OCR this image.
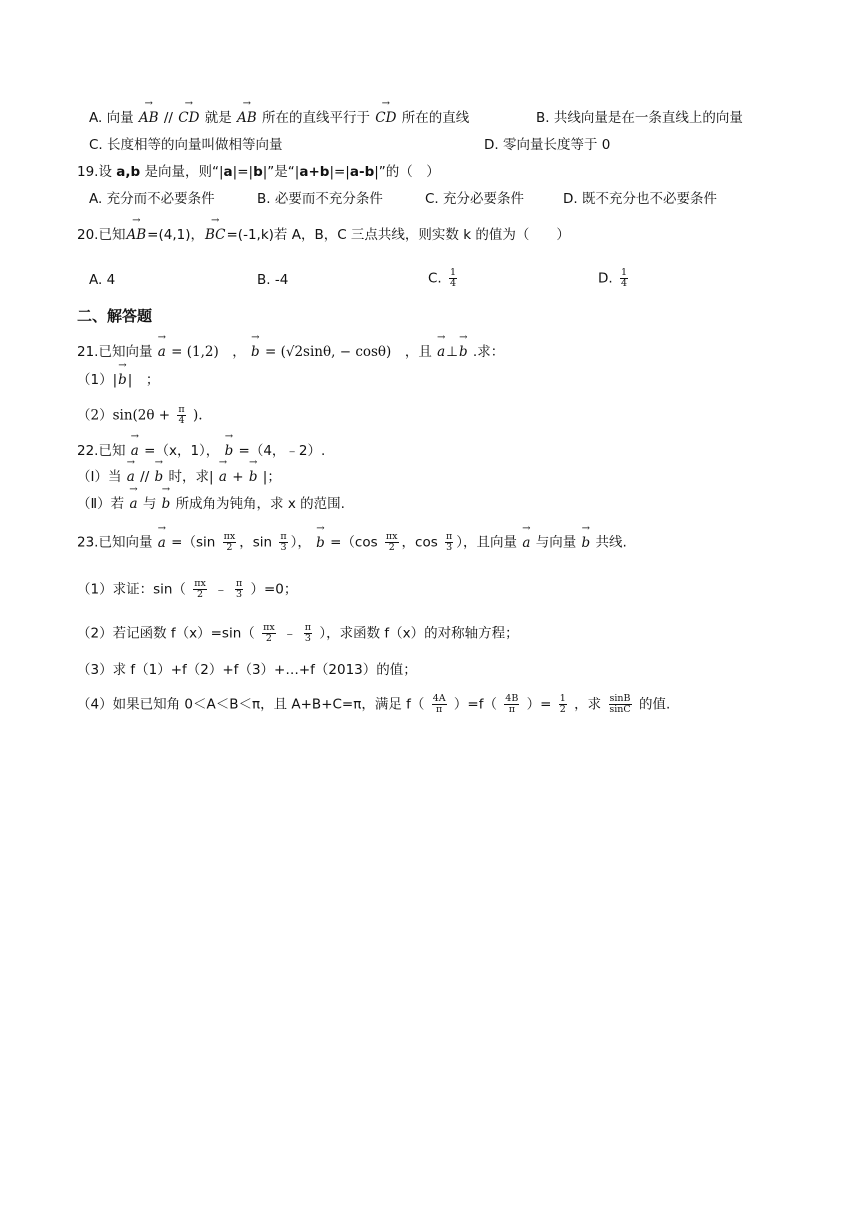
A. 向量 → AB // → CD 就是 → AB 所在的直线平行于 → CD 所在的直线	B. 共线向量是在一条直线上的向量
C. 长度相等的向量叫做相等向量	D. 零向量长度等于 0
19.设 a,b 是向量，则“|a|=|b|”是“|a+b|=|a-b|”的（　）
A. 充分而不必要条件	B. 必要而不充分条件	C. 充分必要条件	D. 既不充分也不必要条件
20.已知→ AB=(4,1)，→ BC=(-1,k)若 A，B，C 三点共线，则实数 k 的值为（　　）
A. 4	B. -4	C. $\frac{1}{4}$	D. $\frac{1}{4}$
二、解答题
21.已知向量 → a = (1,2)　， → b = (√2sinθ, − cosθ)　，且 → a⊥→ b .求：
（1）|→ b|　；
$(2)\sin(2\theta + \frac{\pi}{4}$ ).
22.已知 → a =（x，1）， → b =（4，﹣2）.
（Ⅰ）当 → a // → b 时，求| → a + → b |；
（Ⅱ）若 → a 与 → b 所成角为钝角，求 x 的范围.
23.已知向量 → $a =(\sin \frac{\pi x}{2}$ ，$\sin \frac{\pi}{3}$ ）， → $b =(\cos \frac{\pi x}{2}$ ，$\cos \frac{\pi}{3}$ ），且向量 → a 与向量 → b 共线.
（1）求证：$\sin( \frac{\pi x}{2}$ ﹣ $\frac{\pi}{3} )=0$；
（2）若记函数 $f(x)=\sin( \frac{\pi x}{2}$ ﹣ $\frac{\pi}{3}$ ），求函数 f（x）的对称轴方程；
（3）求 f（1）+f（2）+f（3）+…+f（2013）的值；
（4）如果已知角 0＜A＜B＜π，且 A+B+C=π，满足 $f( \frac{4A}{\pi} )=f( \frac{4B}{\pi}$ ）= $\frac{1}{2}$ ，求 $\frac{\sin B}{\sin C}$ 的值.
